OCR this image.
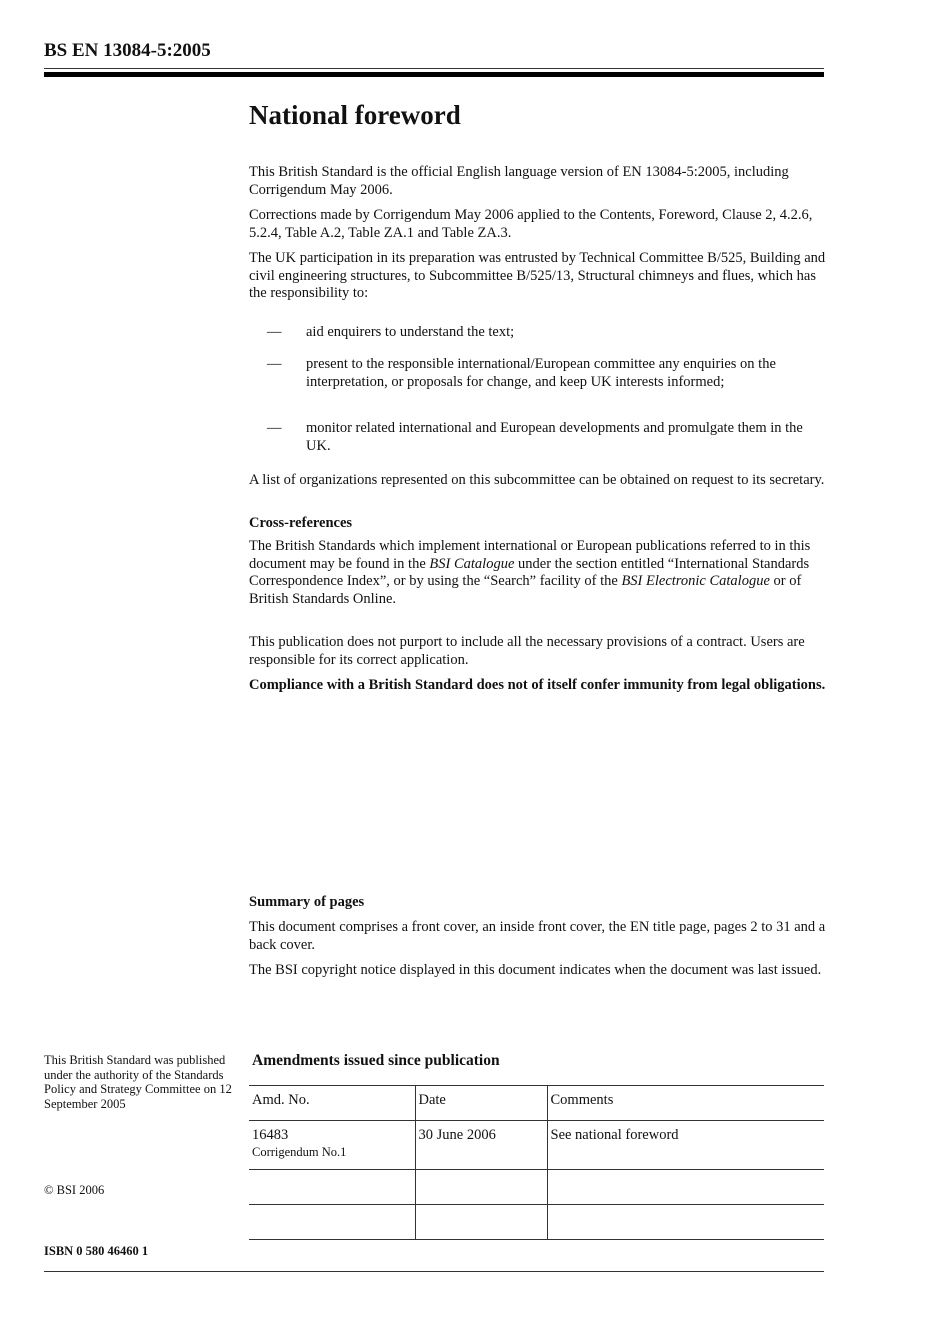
BS EN 13084-5:2005
National foreword

This British Standard is the official English language version of EN 13084-5:2005, including Corrigendum May 2006.

Corrections made by Corrigendum May 2006 applied to the Contents, Foreword, Clause 2, 4.2.6, 5.2.4, Table A.2, Table ZA.1 and Table ZA.3.

The UK participation in its preparation was entrusted by Technical Committee B/525, Building and civil engineering structures, to Subcommittee B/525/13, Structural chimneys and flues, which has the responsibility to:

— aid enquirers to understand the text;
— present to the responsible international/European committee any enquiries on the interpretation, or proposals for change, and keep UK interests informed;
— monitor related international and European developments and promulgate them in the UK.

A list of organizations represented on this subcommittee can be obtained on request to its secretary.

Cross-references

The British Standards which implement international or European publications referred to in this document may be found in the BSI Catalogue under the section entitled “International Standards Correspondence Index”, or by using the “Search” facility of the BSI Electronic Catalogue or of British Standards Online.

This publication does not purport to include all the necessary provisions of a contract. Users are responsible for its correct application.

Compliance with a British Standard does not of itself confer immunity from legal obligations.

Summary of pages

This document comprises a front cover, an inside front cover, the EN title page, pages 2 to 31 and a back cover.

The BSI copyright notice displayed in this document indicates when the document was last issued.

This British Standard was published under the authority of the Standards Policy and Strategy Committee on 12 September 2005
© BSI 2006
ISBN 0 580 46460 1
Amendments issued since publication
Amd. No.	Date	Comments
16483
Corrigendum No.1	30 June 2006	See national foreword
